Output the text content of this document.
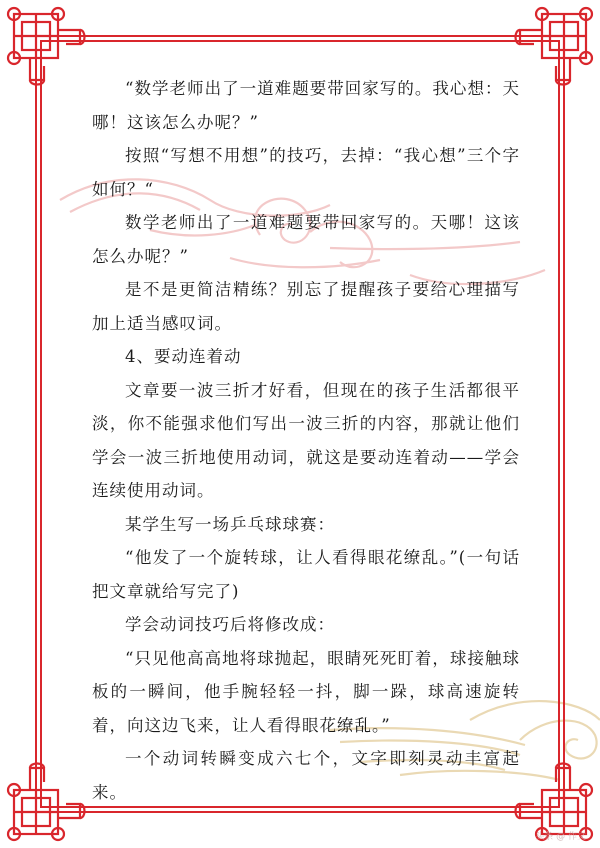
“数学老师出了一道难题要带回家写的。我心想：天哪！这该怎么办呢？”

按照“写想不用想”的技巧，去掉：“我心想”三个字如何？“

数学老师出了一道难题要带回家写的。天哪！这该怎么办呢？”

是不是更简洁精练？别忘了提醒孩子要给心理描写加上适当感叹词。

4、要动连着动

文章要一波三折才好看，但现在的孩子生活都很平淡，你不能强求他们写出一波三折的内容，那就让他们学会一波三折地使用动词，就这是要动连着动——学会连续使用动词。

某学生写一场乒乓球球赛：

“他发了一个旋转球，让人看得眼花缭乱。”(一句话把文章就给写完了)

学会动词技巧后将修改成：

“只见他高高地将球抛起，眼睛死死盯着，球接触球板的一瞬间，他手腕轻轻一抖，脚一跺，球高速旋转着，向这边飞来，让人看得眼花缭乱。”

一个动词转瞬变成六七个，文字即刻灵动丰富起来。

头条 @ 作文
